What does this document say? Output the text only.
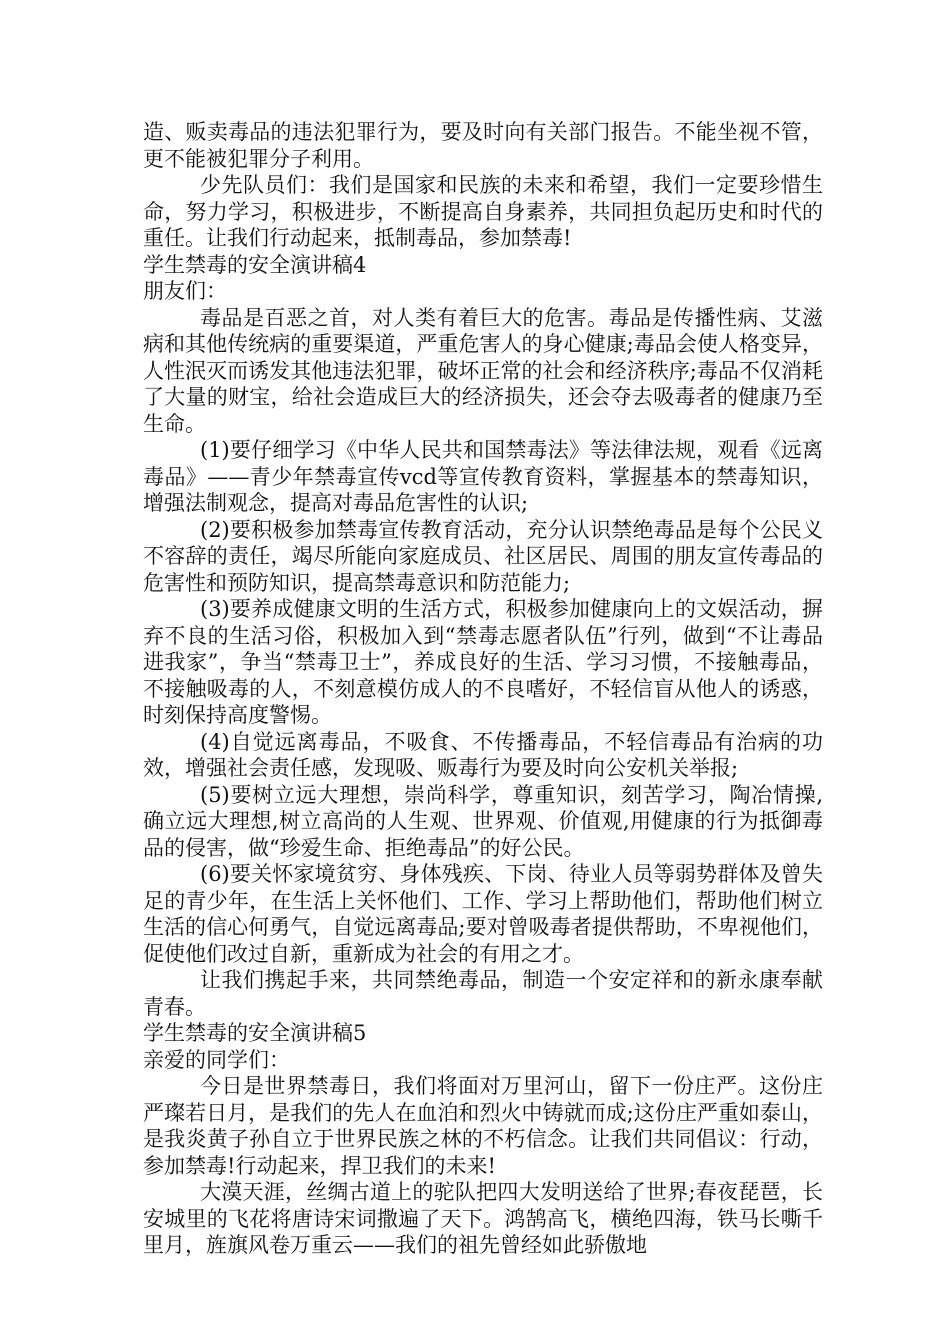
造、贩卖毒品的违法犯罪行为，要及时向有关部门报告。不能坐视不管，更不能被犯罪分子利用。

少先队员们：我们是国家和民族的未来和希望，我们一定要珍惜生命，努力学习，积极进步，不断提高自身素养，共同担负起历史和时代的重任。让我们行动起来，抵制毒品，参加禁毒!

学生禁毒的安全演讲稿4

朋友们：

毒品是百恶之首，对人类有着巨大的危害。毒品是传播性病、艾滋病和其他传统病的重要渠道，严重危害人的身心健康;毒品会使人格变异，人性泯灭而诱发其他违法犯罪，破坏正常的社会和经济秩序;毒品不仅消耗了大量的财宝，给社会造成巨大的经济损失，还会夺去吸毒者的健康乃至生命。

(1)要仔细学习《中华人民共和国禁毒法》等法律法规，观看《远离毒品》——青少年禁毒宣传vcd等宣传教育资料，掌握基本的禁毒知识，增强法制观念，提高对毒品危害性的认识;

(2)要积极参加禁毒宣传教育活动，充分认识禁绝毒品是每个公民义不容辞的责任，竭尽所能向家庭成员、社区居民、周围的朋友宣传毒品的危害性和预防知识，提高禁毒意识和防范能力;

(3)要养成健康文明的生活方式，积极参加健康向上的文娱活动，摒弃不良的生活习俗，积极加入到“禁毒志愿者队伍”行列，做到“不让毒品进我家”，争当“禁毒卫士”，养成良好的生活、学习习惯，不接触毒品，不接触吸毒的人，不刻意模仿成人的不良嗜好，不轻信盲从他人的诱惑，时刻保持高度警惕。

(4)自觉远离毒品，不吸食、不传播毒品，不轻信毒品有治病的功效，增强社会责任感，发现吸、贩毒行为要及时向公安机关举报;

(5)要树立远大理想，崇尚科学，尊重知识，刻苦学习，陶冶情操,确立远大理想,树立高尚的人生观、世界观、价值观,用健康的行为抵御毒品的侵害，做“珍爱生命、拒绝毒品”的好公民。

(6)要关怀家境贫穷、身体残疾、下岗、待业人员等弱势群体及曾失足的青少年，在生活上关怀他们、工作、学习上帮助他们，帮助他们树立生活的信心何勇气，自觉远离毒品;要对曾吸毒者提供帮助，不卑视他们，促使他们改过自新，重新成为社会的有用之才。

让我们携起手来，共同禁绝毒品，制造一个安定祥和的新永康奉献青春。

学生禁毒的安全演讲稿5

亲爱的同学们：

今日是世界禁毒日，我们将面对万里河山，留下一份庄严。这份庄严璨若日月，是我们的先人在血泊和烈火中铸就而成;这份庄严重如泰山，是我炎黄子孙自立于世界民族之林的不朽信念。让我们共同倡议：行动，参加禁毒!行动起来，捍卫我们的未来!

大漠天涯，丝绸古道上的驼队把四大发明送给了世界;春夜琵琶，长安城里的飞花将唐诗宋词撒遍了天下。鸿鹄高飞，横绝四海，铁马长嘶千里月，旌旗风卷万重云——我们的祖先曾经如此骄傲地
